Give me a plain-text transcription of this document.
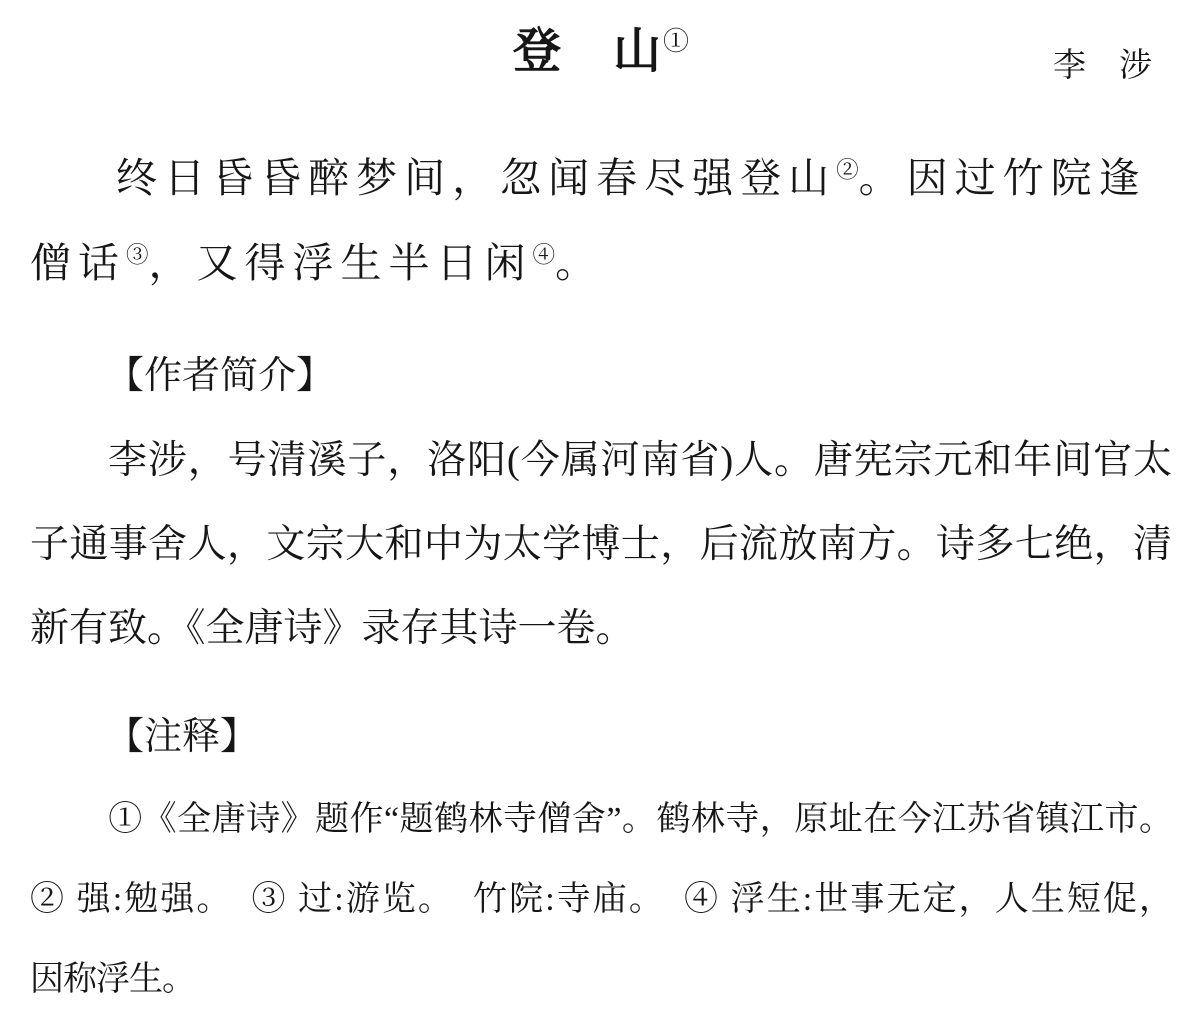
登　山①
李　涉

终日昏昏醉梦间，忽闻春尽强登山②。因过竹院逢

僧话③，又得浮生半日闲④。

【作者简介】

李涉，号清溪子，洛阳(今属河南省)人。唐宪宗元和年间官太

子通事舍人，文宗大和中为太学博士，后流放南方。诗多七绝，清

新有致。《全唐诗》录存其诗一卷。

【注释】

①《全唐诗》题作“题鹤林寺僧舍”。鹤林寺，原址在今江苏省镇江市。

② 强:勉强。　③ 过:游览。　竹院:寺庙。　④ 浮生:世事无定，人生短促，

因称浮生。
